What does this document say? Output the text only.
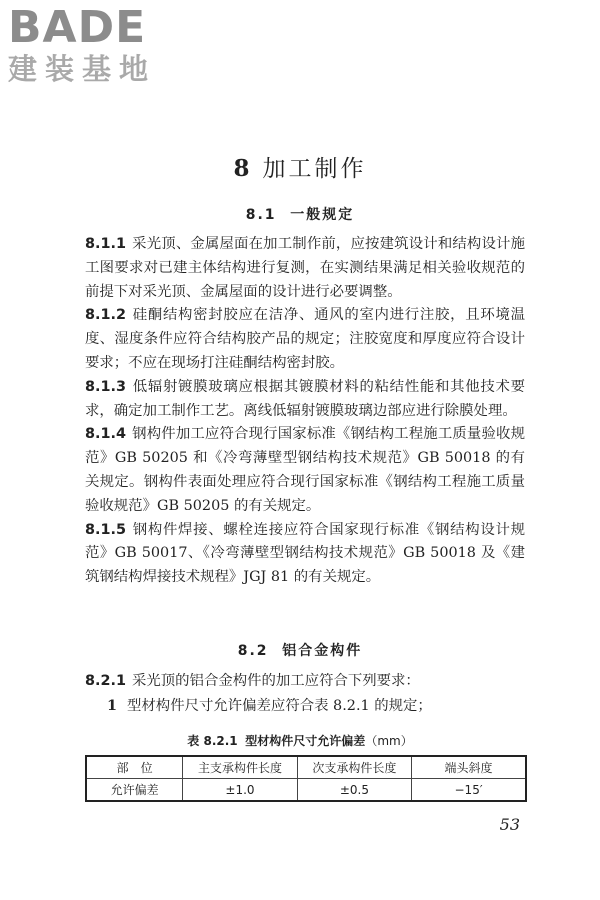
BADE
建装基地
8 加工制作
8.1 一般规定

8.1.1 采光顶、金属屋面在加工制作前，应按建筑设计和结构设计施工图要求对已建主体结构进行复测，在实测结果满足相关验收规范的前提下对采光顶、金属屋面的设计进行必要调整。

8.1.2 硅酮结构密封胶应在洁净、通风的室内进行注胶，且环境温度、湿度条件应符合结构胶产品的规定；注胶宽度和厚度应符合设计要求；不应在现场打注硅酮结构密封胶。

8.1.3 低辐射镀膜玻璃应根据其镀膜材料的粘结性能和其他技术要求，确定加工制作工艺。离线低辐射镀膜玻璃边部应进行除膜处理。

8.1.4 钢构件加工应符合现行国家标准《钢结构工程施工质量验收规范》GB 50205 和《冷弯薄壁型钢结构技术规范》GB 50018 的有关规定。钢构件表面处理应符合现行国家标准《钢结构工程施工质量验收规范》GB 50205 的有关规定。

8.1.5 钢构件焊接、螺栓连接应符合国家现行标准《钢结构设计规范》GB 50017、《冷弯薄壁型钢结构技术规范》GB 50018 及《建筑钢结构焊接技术规程》JGJ 81 的有关规定。

8.2 铝合金构件

8.2.1 采光顶的铝合金构件的加工应符合下列要求：

1 型材构件尺寸允许偏差应符合表 8.2.1 的规定；

表 8.2.1 型材构件尺寸允许偏差（mm）
部　位	主支承构件长度	次支承构件长度	端头斜度
允许偏差	±1.0	±0.5	−15′
53
